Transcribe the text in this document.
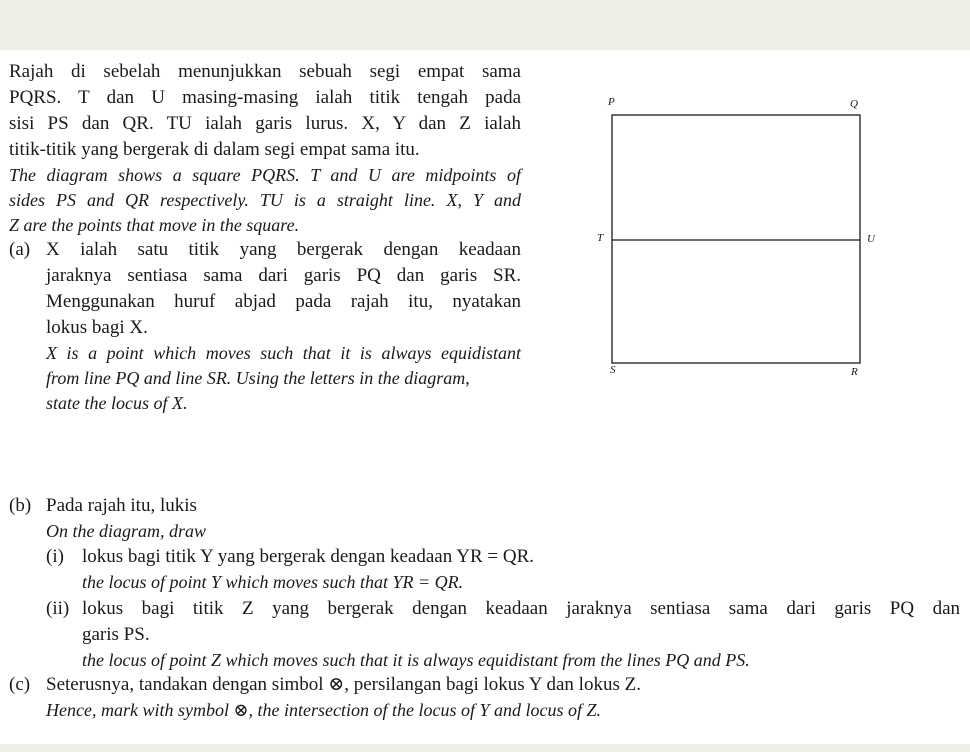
Rajah di sebelah menunjukkan sebuah segi empat sama
PQRS. T dan U masing-masing ialah titik tengah pada
sisi PS dan QR. TU ialah garis lurus. X, Y dan Z ialah
titik-titik yang bergerak di dalam segi empat sama itu.
The diagram shows a square PQRS. T and U are midpoints of
sides PS and QR respectively. TU is a straight line. X, Y and
Z are the points that move in the square.
(a) X ialah satu titik yang bergerak dengan keadaan
jaraknya sentiasa sama dari garis PQ dan garis SR.
Menggunakan huruf abjad pada rajah itu, nyatakan
lokus bagi X.
X is a point which moves such that it is always equidistant
from line PQ and line SR. Using the letters in the diagram,
state the locus of X.
(b) Pada rajah itu, lukis
On the diagram, draw
(i) lokus bagi titik Y yang bergerak dengan keadaan YR = QR.
the locus of point Y which moves such that YR = QR.
(ii) lokus bagi titik Z yang bergerak dengan keadaan jaraknya sentiasa sama dari garis PQ dan
garis PS.
the locus of point Z which moves such that it is always equidistant from the lines PQ and PS.
(c) Seterusnya, tandakan dengan simbol ⊗, persilangan bagi lokus Y dan lokus Z.
Hence, mark with symbol ⊗, the intersection of the locus of Y and locus of Z.
P	Q
R
S
T	U
